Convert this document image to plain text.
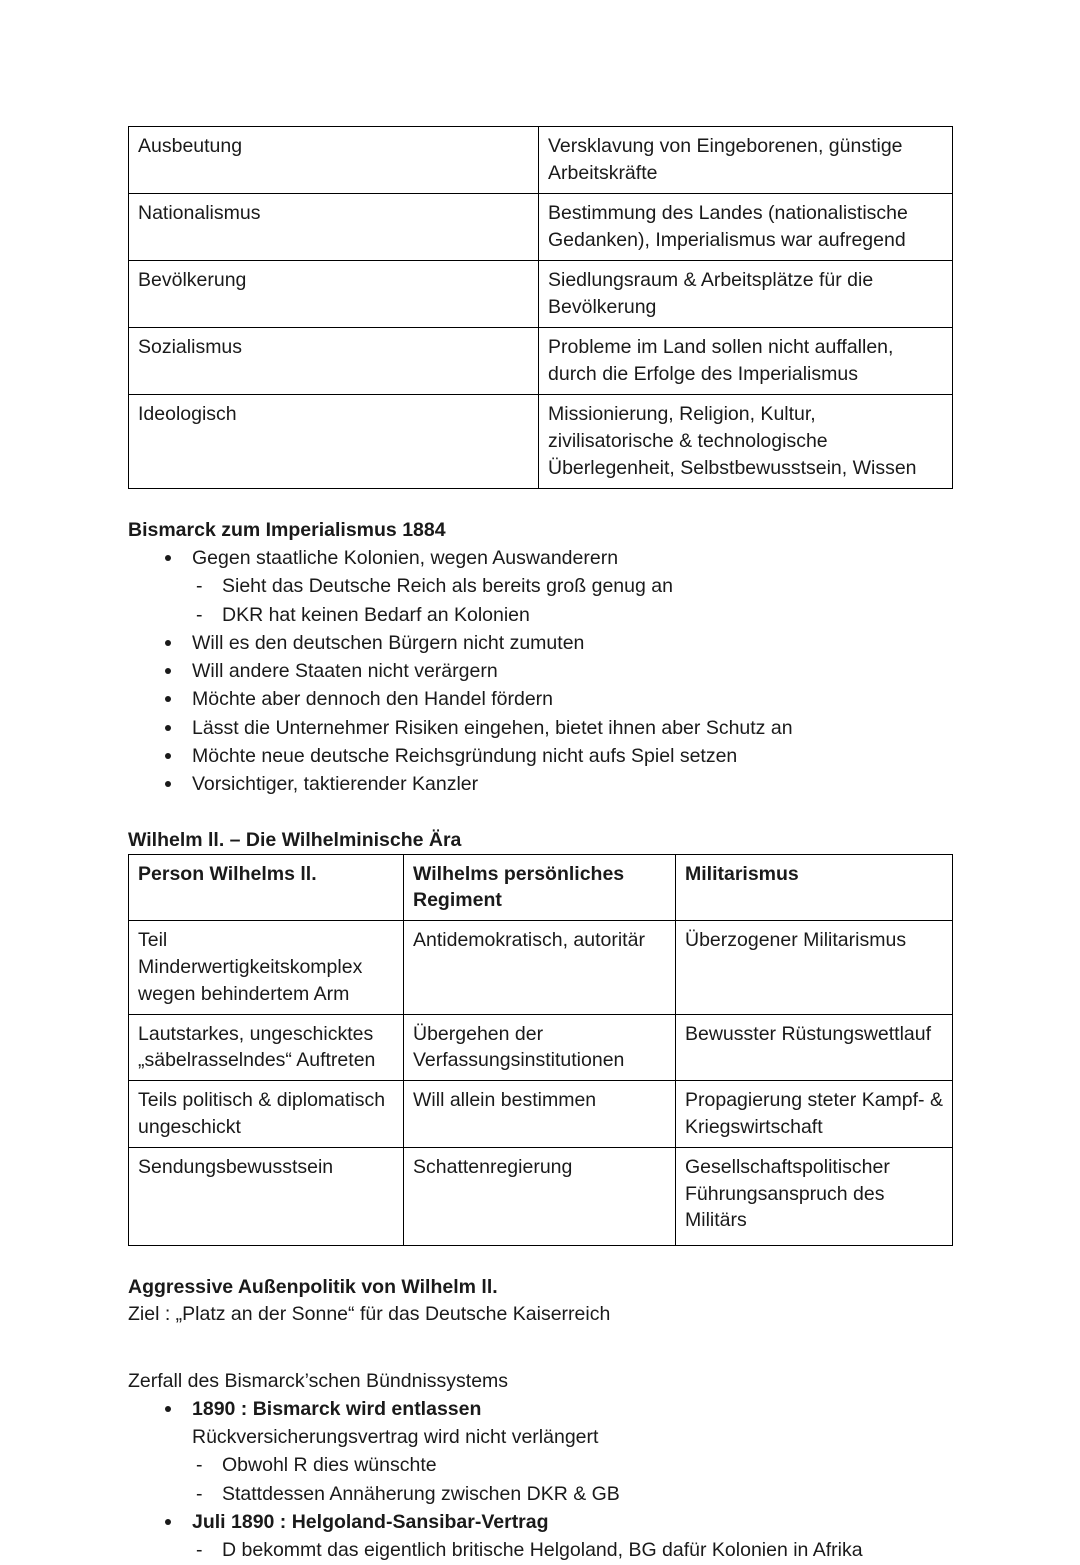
Ausbeutung	Versklavung von Eingeborenen, günstige Arbeitskräfte
Nationalismus	Bestimmung des Landes (nationalistische Gedanken), Imperialismus war aufregend
Bevölkerung	Siedlungsraum & Arbeitsplätze für die Bevölkerung
Sozialismus	Probleme im Land sollen nicht auffallen, durch die Erfolge des Imperialismus
Ideologisch	Missionierung, Religion, Kultur, zivilisatorische & technologische Überlegenheit, Selbstbewusstsein, Wissen

Bismarck zum Imperialismus 1884

Gegen staatliche Kolonien, wegen Auswanderern
- Sieht das Deutsche Reich als bereits groß genug an
- DKR hat keinen Bedarf an Kolonien
Will es den deutschen Bürgern nicht zumuten
Will andere Staaten nicht verärgern
Möchte aber dennoch den Handel fördern
Lässt die Unternehmer Risiken eingehen, bietet ihnen aber Schutz an
Möchte neue deutsche Reichsgründung nicht aufs Spiel setzen
Vorsichtiger, taktierender Kanzler

Wilhelm ll. – Die Wilhelminische Ära

Person Wilhelms ll.	Wilhelms persönliches Regiment	Militarismus
Teil Minderwertigkeitskomplex wegen behindertem Arm	Antidemokratisch, autoritär	Überzogener Militarismus
Lautstarkes, ungeschicktes „säbelrasselndes“ Auftreten	Übergehen der Verfassungsinstitutionen	Bewusster Rüstungswettlauf
Teils politisch & diplomatisch ungeschickt	Will allein bestimmen	Propagierung steter Kampf- & Kriegswirtschaft
Sendungsbewusstsein	Schattenregierung	Gesellschaftspolitischer Führungsanspruch des Militärs

Aggressive Außenpolitik von Wilhelm ll.

Ziel : „Platz an der Sonne“ für das Deutsche Kaiserreich

Zerfall des Bismarck’schen Bündnissystems

1890 : Bismarck wird entlassen
Rückversicherungsvertrag wird nicht verlängert
- Obwohl R dies wünschte
- Stattdessen Annäherung zwischen DKR & GB
Juli 1890 : Helgoland-Sansibar-Vertrag
- D bekommt das eigentlich britische Helgoland, BG dafür Kolonien in Afrika
